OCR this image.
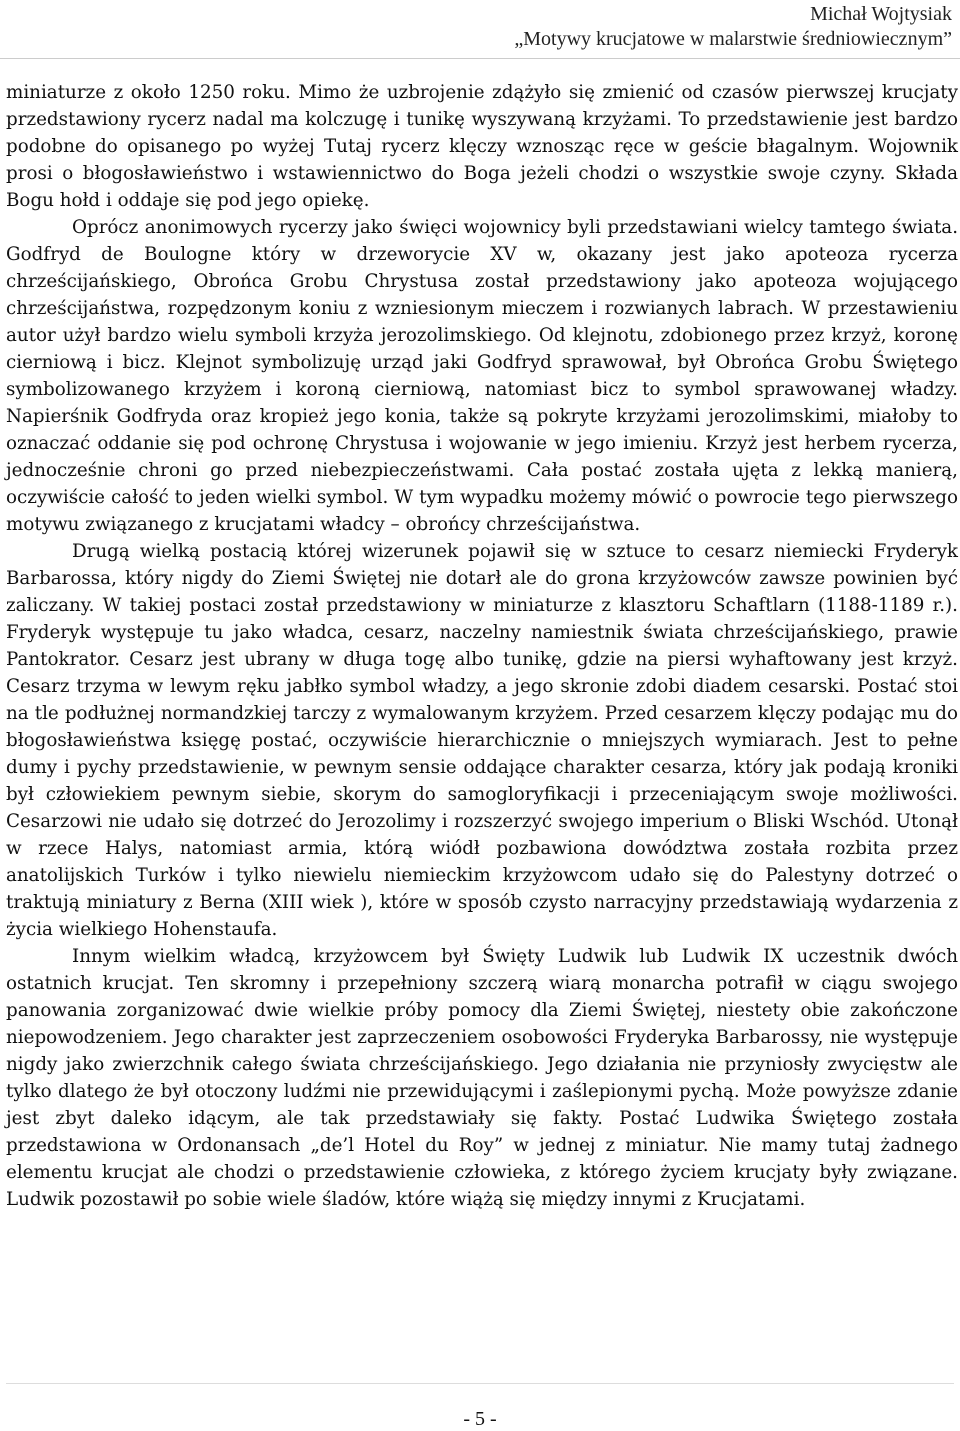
Michał Wojtysiak
„Motywy krucjatowe w malarstwie średniowiecznym”

miniaturze z około 1250 roku. Mimo że uzbrojenie zdążyło się zmienić od czasów pierwszej krucjaty przedstawiony rycerz nadal ma kolczugę i tunikę wyszywaną krzyżami. To przedstawienie jest bardzo podobne do opisanego po wyżej Tutaj rycerz klęczy wznosząc ręce w geście błagalnym. Wojownik prosi o błogosławieństwo i wstawiennictwo do Boga jeżeli chodzi o wszystkie swoje czyny. Składa Bogu hołd i oddaje się pod jego opiekę.

Oprócz anonimowych rycerzy jako święci wojownicy byli przedstawiani wielcy tamtego świata. Godfryd de Boulogne który w drzeworycie XV w, okazany jest jako apoteoza rycerza chrześcijańskiego, Obrońca Grobu Chrystusa został przedstawiony jako apoteoza wojującego chrześcijaństwa, rozpędzonym koniu z wzniesionym mieczem i rozwianych labrach. W przestawieniu autor użył bardzo wielu symboli krzyża jerozolimskiego. Od klejnotu, zdobionego przez krzyż, koronę cierniową i bicz. Klejnot symbolizuję urząd jaki Godfryd sprawował, był Obrońca Grobu Świętego symbolizowanego krzyżem i koroną cierniową, natomiast bicz to symbol sprawowanej władzy. Napierśnik Godfryda oraz kropież jego konia, także są pokryte krzyżami jerozolimskimi, miałoby to oznaczać oddanie się pod ochronę Chrystusa i wojowanie w jego imieniu. Krzyż jest herbem rycerza, jednocześnie chroni go przed niebezpieczeństwami. Cała postać została ujęta z lekką manierą, oczywiście całość to jeden wielki symbol. W tym wypadku możemy mówić o powrocie tego pierwszego motywu związanego z krucjatami władcy – obrońcy chrześcijaństwa.

Drugą wielką postacią której wizerunek pojawił się w sztuce to cesarz niemiecki Fryderyk Barbarossa, który nigdy do Ziemi Świętej nie dotarł ale do grona krzyżowców zawsze powinien być zaliczany. W takiej postaci został przedstawiony w miniaturze z klasztoru Schaftlarn (1188-1189 r.). Fryderyk występuje tu jako władca, cesarz, naczelny namiestnik świata chrześcijańskiego, prawie Pantokrator. Cesarz jest ubrany w długa togę albo tunikę, gdzie na piersi wyhaftowany jest krzyż. Cesarz trzyma w lewym ręku jabłko symbol władzy, a jego skronie zdobi diadem cesarski. Postać stoi na tle podłużnej normandzkiej tarczy z wymalowanym krzyżem. Przed cesarzem klęczy podając mu do błogosławieństwa księgę postać, oczywiście hierarchicznie o mniejszych wymiarach. Jest to pełne dumy i pychy przedstawienie, w pewnym sensie oddające charakter cesarza, który jak podają kroniki był człowiekiem pewnym siebie, skorym do samogloryfikacji i przeceniającym swoje możliwości. Cesarzowi nie udało się dotrzeć do Jerozolimy i rozszerzyć swojego imperium o Bliski Wschód. Utonął w rzece Halys, natomiast armia, którą wiódł pozbawiona dowództwa została rozbita przez anatolijskich Turków i tylko niewielu niemieckim krzyżowcom udało się do Palestyny dotrzeć o traktują miniatury z Berna (XIII wiek ), które w sposób czysto narracyjny przedstawiają wydarzenia z życia wielkiego Hohenstaufa.

Innym wielkim władcą, krzyżowcem był Święty Ludwik lub Ludwik IX uczestnik dwóch ostatnich krucjat. Ten skromny i przepełniony szczerą wiarą monarcha potrafił w ciągu swojego panowania zorganizować dwie wielkie próby pomocy dla Ziemi Świętej, niestety obie zakończone niepowodzeniem. Jego charakter jest zaprzeczeniem osobowości Fryderyka Barbarossy, nie występuje nigdy jako zwierzchnik całego świata chrześcijańskiego. Jego działania nie przyniosły zwycięstw ale tylko dlatego że był otoczony ludźmi nie przewidującymi i zaślepionymi pychą. Może powyższe zdanie jest zbyt daleko idącym, ale tak przedstawiały się fakty. Postać Ludwika Świętego została przedstawiona w Ordonansach „de’l Hotel du Roy” w jednej z miniatur. Nie mamy tutaj żadnego elementu krucjat ale chodzi o przedstawienie człowieka, z którego życiem krucjaty były związane. Ludwik pozostawił po sobie wiele śladów, które wiążą się między innymi z Krucjatami.

- 5 -
